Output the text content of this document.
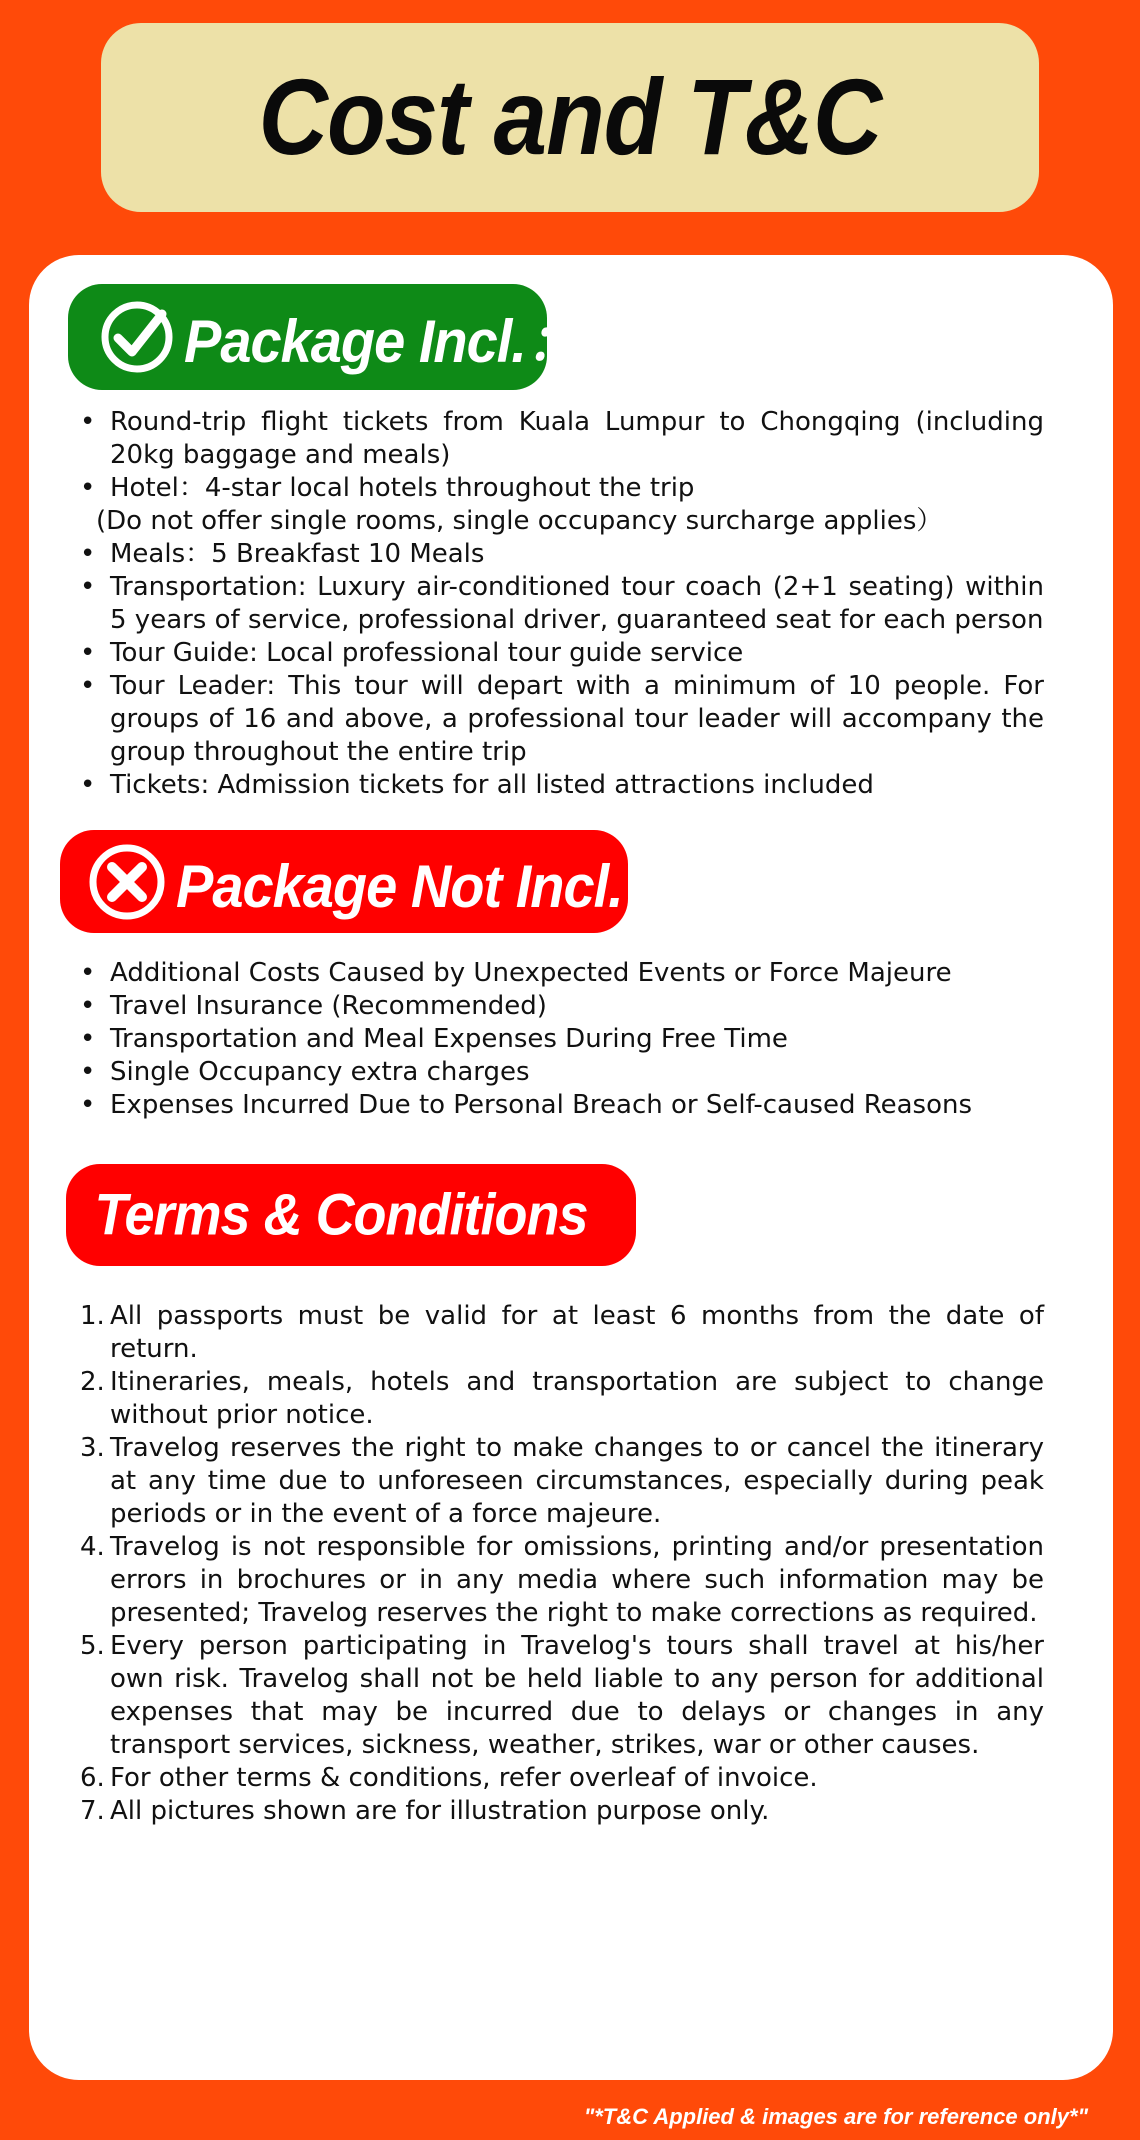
Cost and T&C
Package Incl.：
• Round-trip flight tickets from Kuala Lumpur to Chongqing (including 20kg baggage and meals)
• Hotel：4-star local hotels throughout the trip
(Do not offer single rooms, single occupancy surcharge applies）
• Meals：5 Breakfast 10 Meals
• Transportation: Luxury air-conditioned tour coach (2+1 seating) within 5 years of service, professional driver, guaranteed seat for each person
• Tour Guide: Local professional tour guide service
• Tour Leader: This tour will depart with a minimum of 10 people. For groups of 16 and above, a professional tour leader will accompany the group throughout the entire trip
• Tickets: Admission tickets for all listed attractions included
Package Not Incl.：
• Additional Costs Caused by Unexpected Events or Force Majeure
• Travel Insurance (Recommended)
• Transportation and Meal Expenses During Free Time
• Single Occupancy extra charges
• Expenses Incurred Due to Personal Breach or Self-caused Reasons
Terms & Conditions
1. All passports must be valid for at least 6 months from the date of return.
2. Itineraries, meals, hotels and transportation are subject to change without prior notice.
3. Travelog reserves the right to make changes to or cancel the itinerary at any time due to unforeseen circumstances, especially during peak periods or in the event of a force majeure.
4. Travelog is not responsible for omissions, printing and/or presentation errors in brochures or in any media where such information may be presented; Travelog reserves the right to make corrections as required.
5. Every person participating in Travelog's tours shall travel at his/her own risk. Travelog shall not be held liable to any person for additional expenses that may be incurred due to delays or changes in any transport services, sickness, weather, strikes, war or other causes.
6. For other terms & conditions, refer overleaf of invoice.
7. All pictures shown are for illustration purpose only.
"*T&C Applied & images are for reference only*"
